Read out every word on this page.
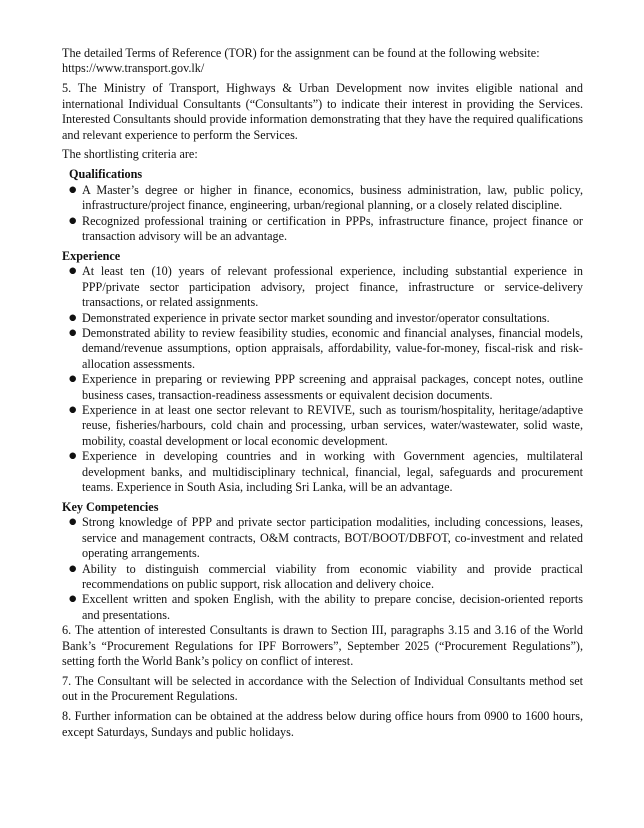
The detailed Terms of Reference (TOR) for the assignment can be found at the following website:
https://www.transport.gov.lk/

5. The Ministry of Transport, Highways & Urban Development now invites eligible national and international Individual Consultants (“Consultants”) to indicate their interest in providing the Services. Interested Consultants should provide information demonstrating that they have the required qualifications and relevant experience to perform the Services.

The shortlisting criteria are:

Qualifications
● A Master’s degree or higher in finance, economics, business administration, law, public policy, infrastructure/project finance, engineering, urban/regional planning, or a closely related discipline.
● Recognized professional training or certification in PPPs, infrastructure finance, project finance or transaction advisory will be an advantage.
Experience
● At least ten (10) years of relevant professional experience, including substantial experience in PPP/private sector participation advisory, project finance, infrastructure or service-delivery transactions, or related assignments.
● Demonstrated experience in private sector market sounding and investor/operator consultations.
● Demonstrated ability to review feasibility studies, economic and financial analyses, financial models, demand/revenue assumptions, option appraisals, affordability, value-for-money, fiscal-risk and risk-allocation assessments.
● Experience in preparing or reviewing PPP screening and appraisal packages, concept notes, outline business cases, transaction-readiness assessments or equivalent decision documents.
● Experience in at least one sector relevant to REVIVE, such as tourism/hospitality, heritage/adaptive reuse, fisheries/harbours, cold chain and processing, urban services, water/wastewater, solid waste, mobility, coastal development or local economic development.
● Experience in developing countries and in working with Government agencies, multilateral development banks, and multidisciplinary technical, financial, legal, safeguards and procurement teams. Experience in South Asia, including Sri Lanka, will be an advantage.
Key Competencies
● Strong knowledge of PPP and private sector participation modalities, including concessions, leases, service and management contracts, O&M contracts, BOT/BOOT/DBFOT, co-investment and related operating arrangements.
● Ability to distinguish commercial viability from economic viability and provide practical recommendations on public support, risk allocation and delivery choice.
● Excellent written and spoken English, with the ability to prepare concise, decision-oriented reports and presentations.

6. The attention of interested Consultants is drawn to Section III, paragraphs 3.15 and 3.16 of the World Bank’s “Procurement Regulations for IPF Borrowers”, September 2025 (“Procurement Regulations”), setting forth the World Bank’s policy on conflict of interest.

7. The Consultant will be selected in accordance with the Selection of Individual Consultants method set out in the Procurement Regulations.

8. Further information can be obtained at the address below during office hours from 0900 to 1600 hours, except Saturdays, Sundays and public holidays.
